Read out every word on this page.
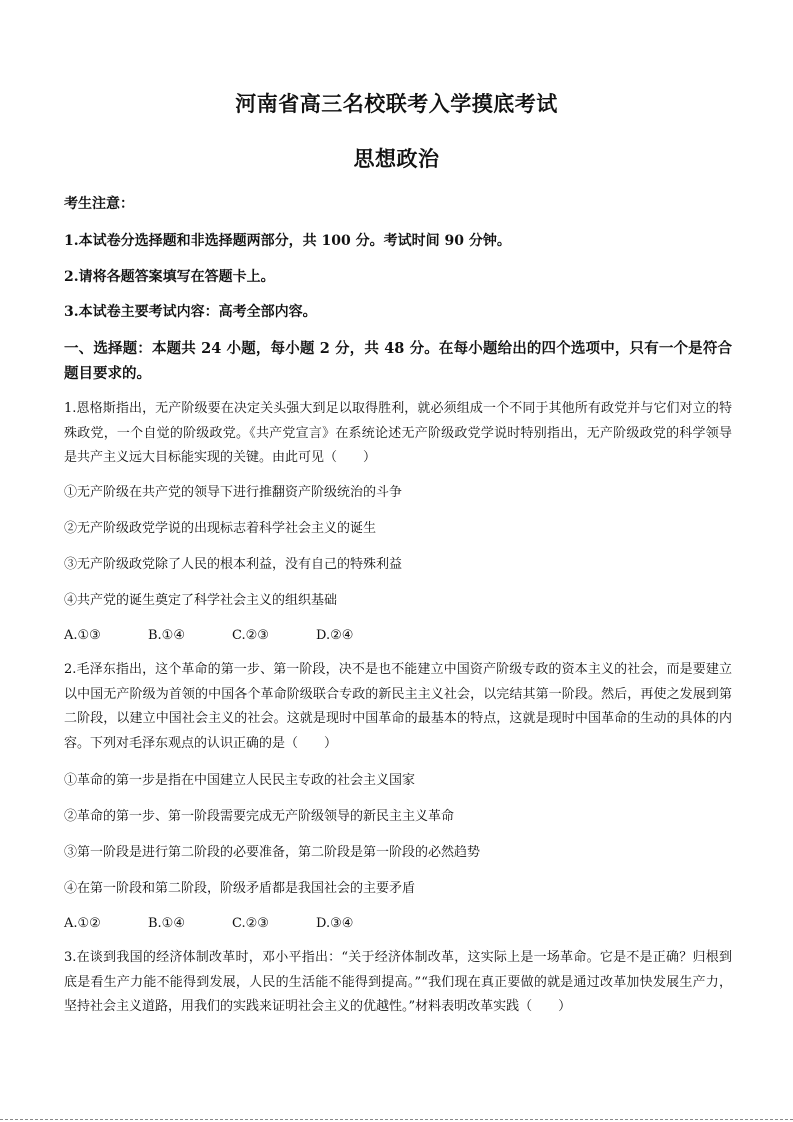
河南省高三名校联考入学摸底考试
思想政治
考生注意：
1.本试卷分选择题和非选择题两部分，共 100 分。考试时间 90 分钟。
2.请将各题答案填写在答题卡上。
3.本试卷主要考试内容：高考全部内容。
一、选择题：本题共 24 小题，每小题 2 分，共 48 分。在每小题给出的四个选项中，只有一个是符合题目要求的。
1.恩格斯指出，无产阶级要在决定关头强大到足以取得胜利，就必须组成一个不同于其他所有政党并与它们对立的特殊政党，一个自觉的阶级政党。《共产党宣言》在系统论述无产阶级政党学说时特别指出，无产阶级政党的科学领导是共产主义远大目标能实现的关键。由此可见（　　）
①无产阶级在共产党的领导下进行推翻资产阶级统治的斗争
②无产阶级政党学说的出现标志着科学社会主义的诞生
③无产阶级政党除了人民的根本利益，没有自己的特殊利益
④共产党的诞生奠定了科学社会主义的组织基础
A.①③	B.①④	C.②③	D.②④
2.毛泽东指出，这个革命的第一步、第一阶段，决不是也不能建立中国资产阶级专政的资本主义的社会，而是要建立以中国无产阶级为首领的中国各个革命阶级联合专政的新民主主义社会，以完结其第一阶段。然后，再使之发展到第二阶段，以建立中国社会主义的社会。这就是现时中国革命的最基本的特点，这就是现时中国革命的生动的具体的内容。下列对毛泽东观点的认识正确的是（　　）
①革命的第一步是指在中国建立人民民主专政的社会主义国家
②革命的第一步、第一阶段需要完成无产阶级领导的新民主主义革命
③第一阶段是进行第二阶段的必要准备，第二阶段是第一阶段的必然趋势
④在第一阶段和第二阶段，阶级矛盾都是我国社会的主要矛盾
A.①②	B.①④	C.②③	D.③④
3.在谈到我国的经济体制改革时，邓小平指出：“关于经济体制改革，这实际上是一场革命。它是不是正确？归根到底是看生产力能不能得到发展，人民的生活能不能得到提高。”“我们现在真正要做的就是通过改革加快发展生产力，坚持社会主义道路，用我们的实践来证明社会主义的优越性。”材料表明改革实践（　　）
